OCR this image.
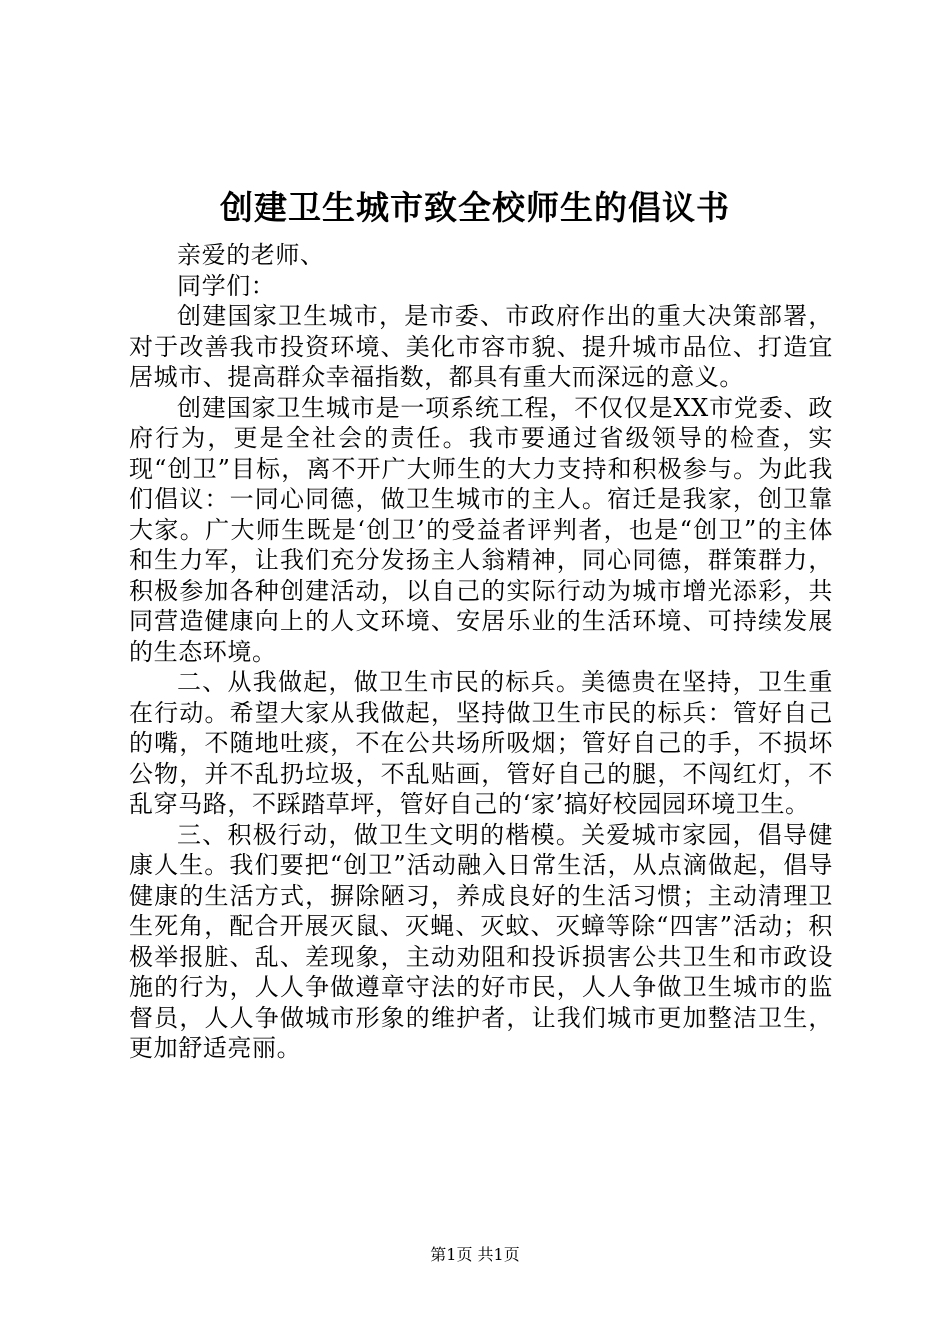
创建卫生城市致全校师生的倡议书

亲爱的老师、

同学们：

创建国家卫生城市，是市委、市政府作出的重大决策部署，对于改善我市投资环境、美化市容市貌、提升城市品位、打造宜居城市、提高群众幸福指数，都具有重大而深远的意义。

创建国家卫生城市是一项系统工程，不仅仅是XX市党委、政府行为，更是全社会的责任。我市要通过省级领导的检查，实现“创卫”目标，离不开广大师生的大力支持和积极参与。为此我们倡议：一同心同德，做卫生城市的主人。宿迁是我家，创卫靠大家。广大师生既是‘创卫’的受益者评判者，也是“创卫”的主体和生力军，让我们充分发扬主人翁精神，同心同德，群策群力，积极参加各种创建活动，以自己的实际行动为城市增光添彩，共同营造健康向上的人文环境、安居乐业的生活环境、可持续发展的生态环境。

二、从我做起，做卫生市民的标兵。美德贵在坚持，卫生重在行动。希望大家从我做起，坚持做卫生市民的标兵：管好自己的嘴，不随地吐痰，不在公共场所吸烟；管好自己的手，不损坏公物，并不乱扔垃圾，不乱贴画，管好自己的腿，不闯红灯，不乱穿马路，不踩踏草坪，管好自己的‘家’搞好校园园环境卫生。

三、积极行动，做卫生文明的楷模。关爱城市家园，倡导健康人生。我们要把“创卫”活动融入日常生活，从点滴做起，倡导健康的生活方式，摒除陋习，养成良好的生活习惯；主动清理卫生死角，配合开展灭鼠、灭蝇、灭蚊、灭蟑等除“四害”活动；积极举报脏、乱、差现象，主动劝阻和投诉损害公共卫生和市政设施的行为，人人争做遵章守法的好市民，人人争做卫生城市的监督员，人人争做城市形象的维护者，让我们城市更加整洁卫生，更加舒适亮丽。

第1页 共1页
